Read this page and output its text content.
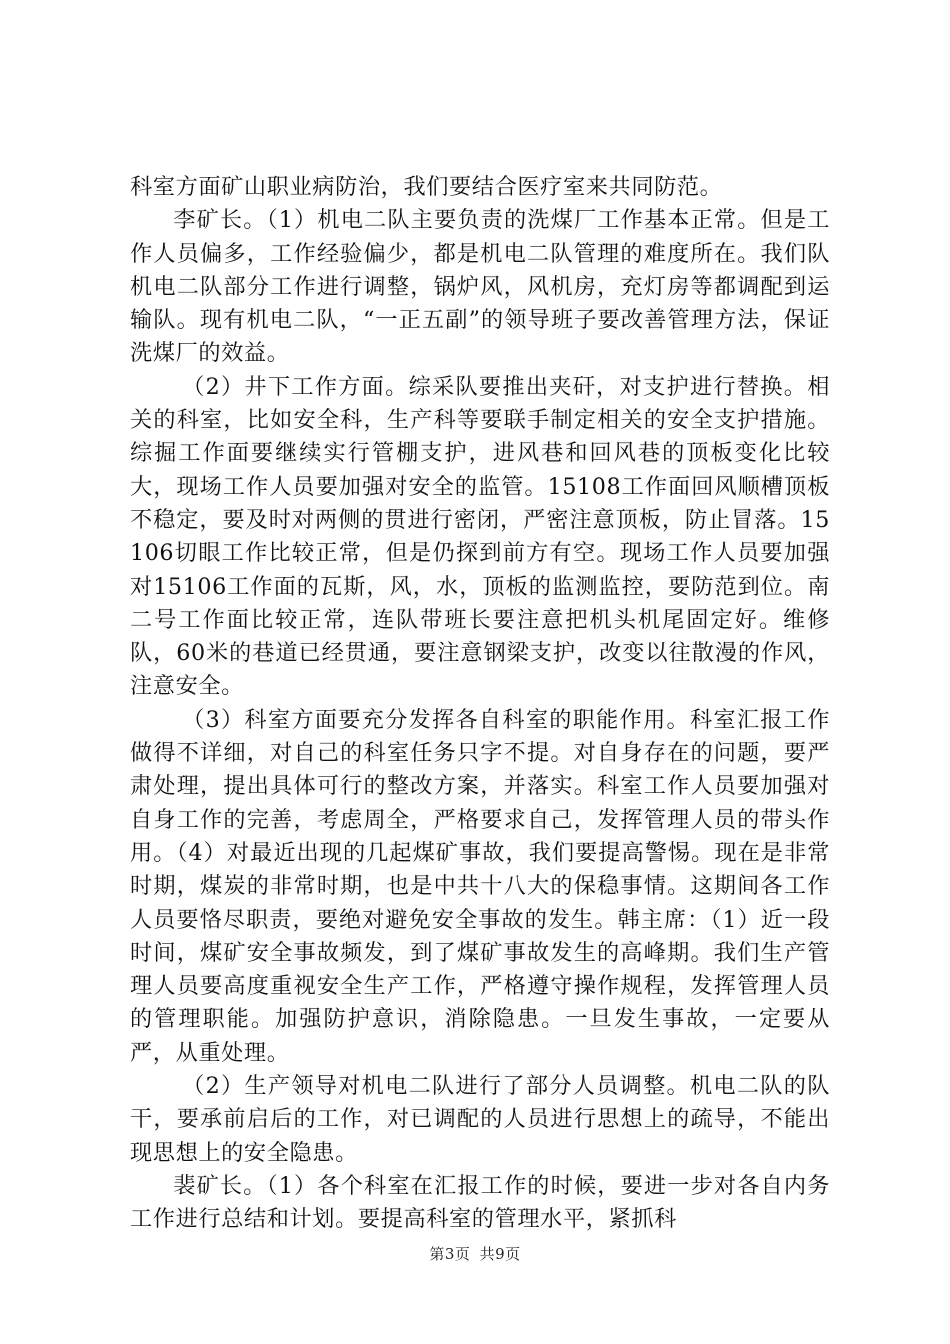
科室方面矿山职业病防治，我们要结合医疗室来共同防范。

李矿长。（1）机电二队主要负责的洗煤厂工作基本正常。但是工作人员偏多，工作经验偏少，都是机电二队管理的难度所在。我们队机电二队部分工作进行调整，锅炉风，风机房，充灯房等都调配到运输队。现有机电二队，“一正五副”的领导班子要改善管理方法，保证洗煤厂的效益。

（2）井下工作方面。综采队要推出夹矸，对支护进行替换。相关的科室，比如安全科，生产科等要联手制定相关的安全支护措施。综掘工作面要继续实行管棚支护，进风巷和回风巷的顶板变化比较大，现场工作人员要加强对安全的监管。15108工作面回风顺槽顶板不稳定，要及时对两侧的贯进行密闭，严密注意顶板，防止冒落。15106切眼工作比较正常，但是仍探到前方有空。现场工作人员要加强对15106工作面的瓦斯，风，水，顶板的监测监控，要防范到位。南二号工作面比较正常，连队带班长要注意把机头机尾固定好。维修队，60米的巷道已经贯通，要注意钢梁支护，改变以往散漫的作风，注意安全。

（3）科室方面要充分发挥各自科室的职能作用。科室汇报工作做得不详细，对自己的科室任务只字不提。对自身存在的问题，要严肃处理，提出具体可行的整改方案，并落实。科室工作人员要加强对自身工作的完善，考虑周全，严格要求自己，发挥管理人员的带头作用。（4）对最近出现的几起煤矿事故，我们要提高警惕。现在是非常时期，煤炭的非常时期，也是中共十八大的保稳事情。这期间各工作人员要恪尽职责，要绝对避免安全事故的发生。韩主席：（1）近一段时间，煤矿安全事故频发，到了煤矿事故发生的高峰期。我们生产管理人员要高度重视安全生产工作，严格遵守操作规程，发挥管理人员的管理职能。加强防护意识，消除隐患。一旦发生事故，一定要从严，从重处理。

（2）生产领导对机电二队进行了部分人员调整。机电二队的队干，要承前启后的工作，对已调配的人员进行思想上的疏导，不能出现思想上的安全隐患。

裴矿长。（1）各个科室在汇报工作的时候，要进一步对各自内务工作进行总结和计划。要提高科室的管理水平，紧抓科

第3页 共9页
